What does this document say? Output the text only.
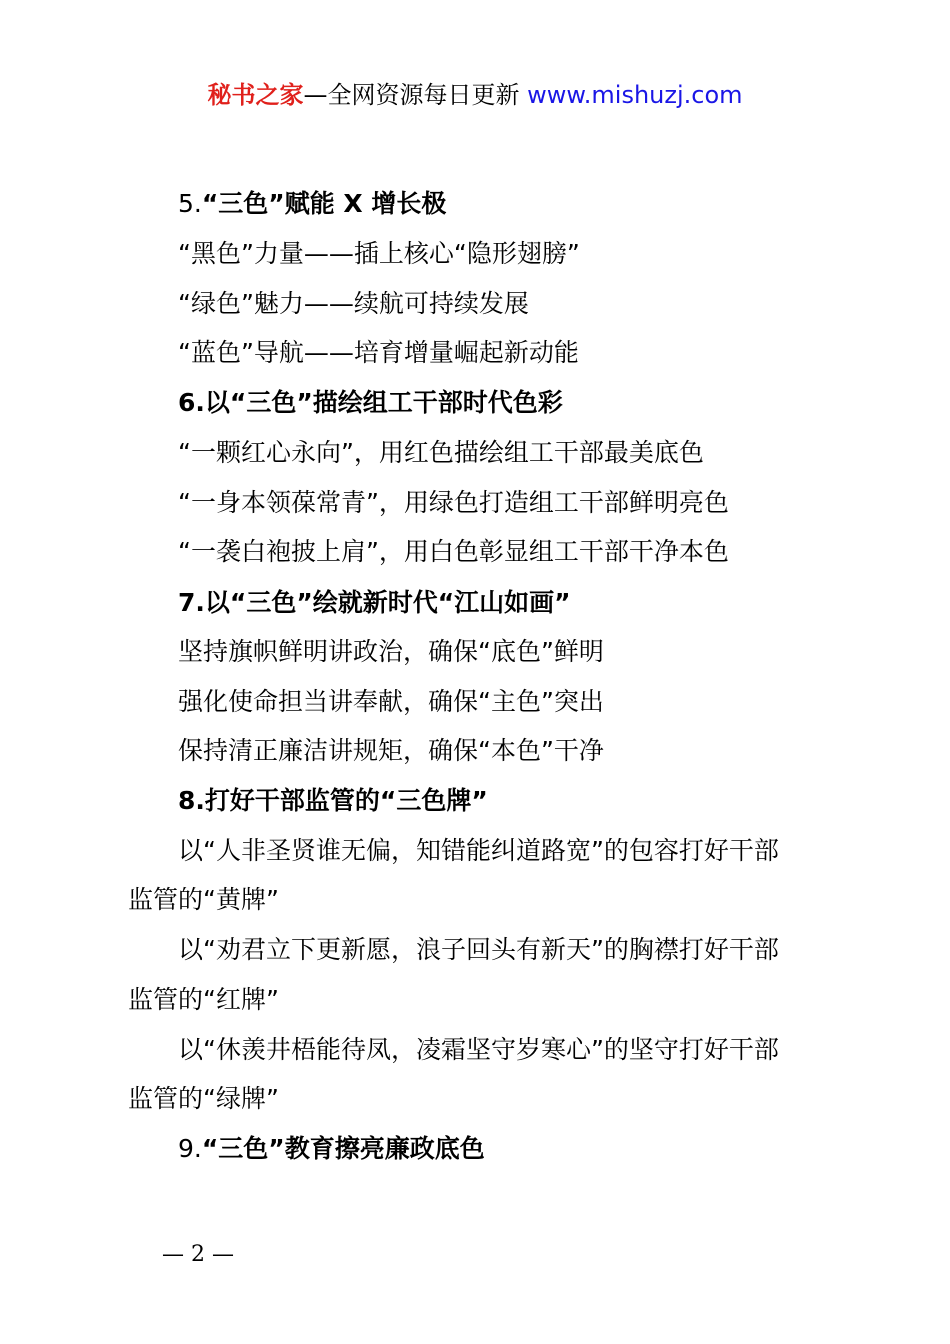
秘书之家—全网资源每日更新 www.mishuzj.com
5.“三色”赋能 X 增长极
“黑色”力量——插上核心“隐形翅膀”
“绿色”魅力——续航可持续发展
“蓝色”导航——培育增量崛起新动能
6.以“三色”描绘组工干部时代色彩
“一颗红心永向”，用红色描绘组工干部最美底色
“一身本领葆常青”，用绿色打造组工干部鲜明亮色
“一袭白袍披上肩”，用白色彰显组工干部干净本色
7.以“三色”绘就新时代“江山如画”
坚持旗帜鲜明讲政治，确保“底色”鲜明
强化使命担当讲奉献，确保“主色”突出
保持清正廉洁讲规矩，确保“本色”干净
8.打好干部监管的“三色牌”
以“人非圣贤谁无偏，知错能纠道路宽”的包容打好干部
监管的“黄牌”
以“劝君立下更新愿，浪子回头有新天”的胸襟打好干部
监管的“红牌”
以“休羡井梧能待凤，凌霜坚守岁寒心”的坚守打好干部
监管的“绿牌”
9.“三色”教育擦亮廉政底色
— 2 —
